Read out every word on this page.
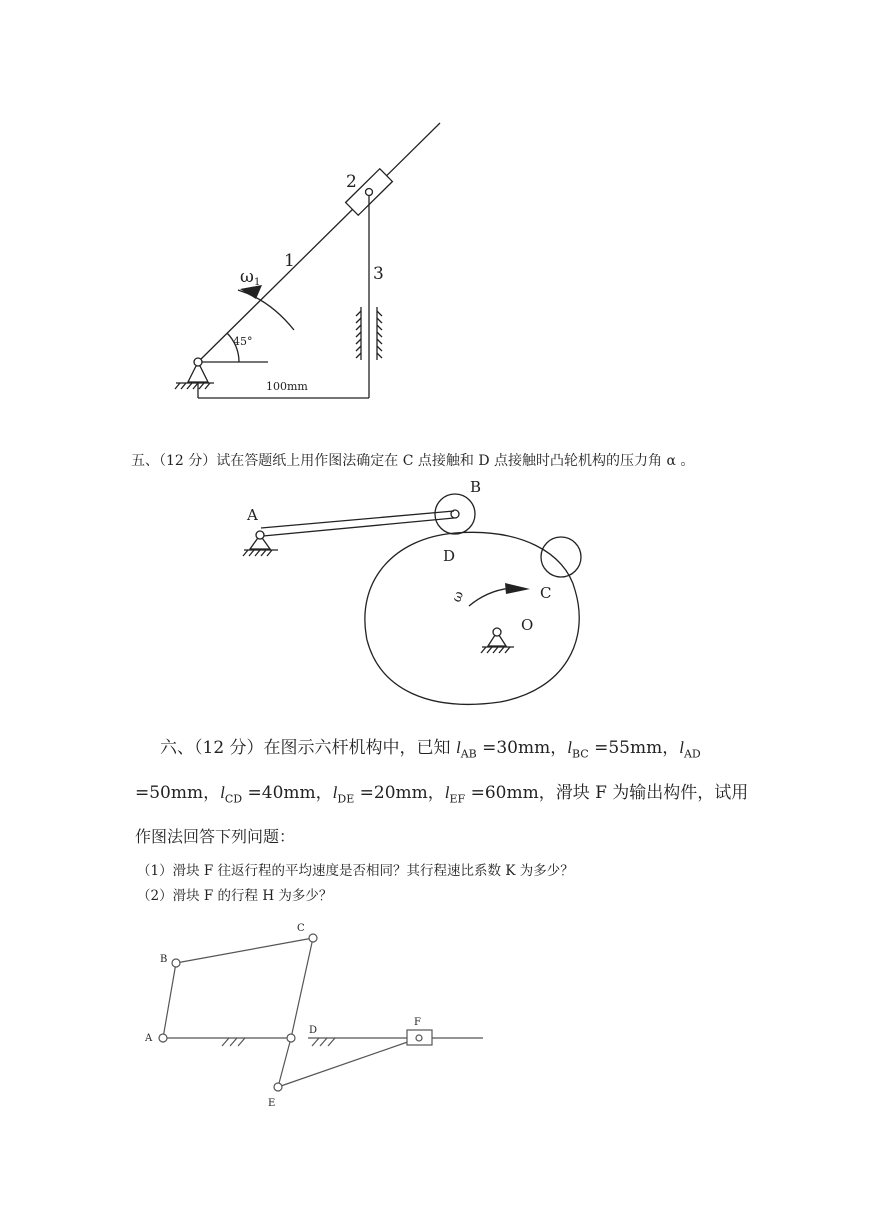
2
1
3
ω 1
45°
100mm
五、（12 分）试在答题纸上用作图法确定在 C 点接触和 D 点接触时凸轮机构的压力角 α 。
A
B
D
C
O
ω
六、（12 分）在图示六杆机构中，已知 $l_{AB} =30mm$，$l_{BC} =55mm$，$l_{AD}$
=50mm，$l_{CD} =40mm$，$l_{DE} =20mm$，$l_{EF} =60mm$，滑块 F 为输出构件，试用
作图法回答下列问题：
（1）滑块 F 往返行程的平均速度是否相同？其行程速比系数 K 为多少？
（2）滑块 F 的行程 H 为多少？
A
B
C
D
E
F
